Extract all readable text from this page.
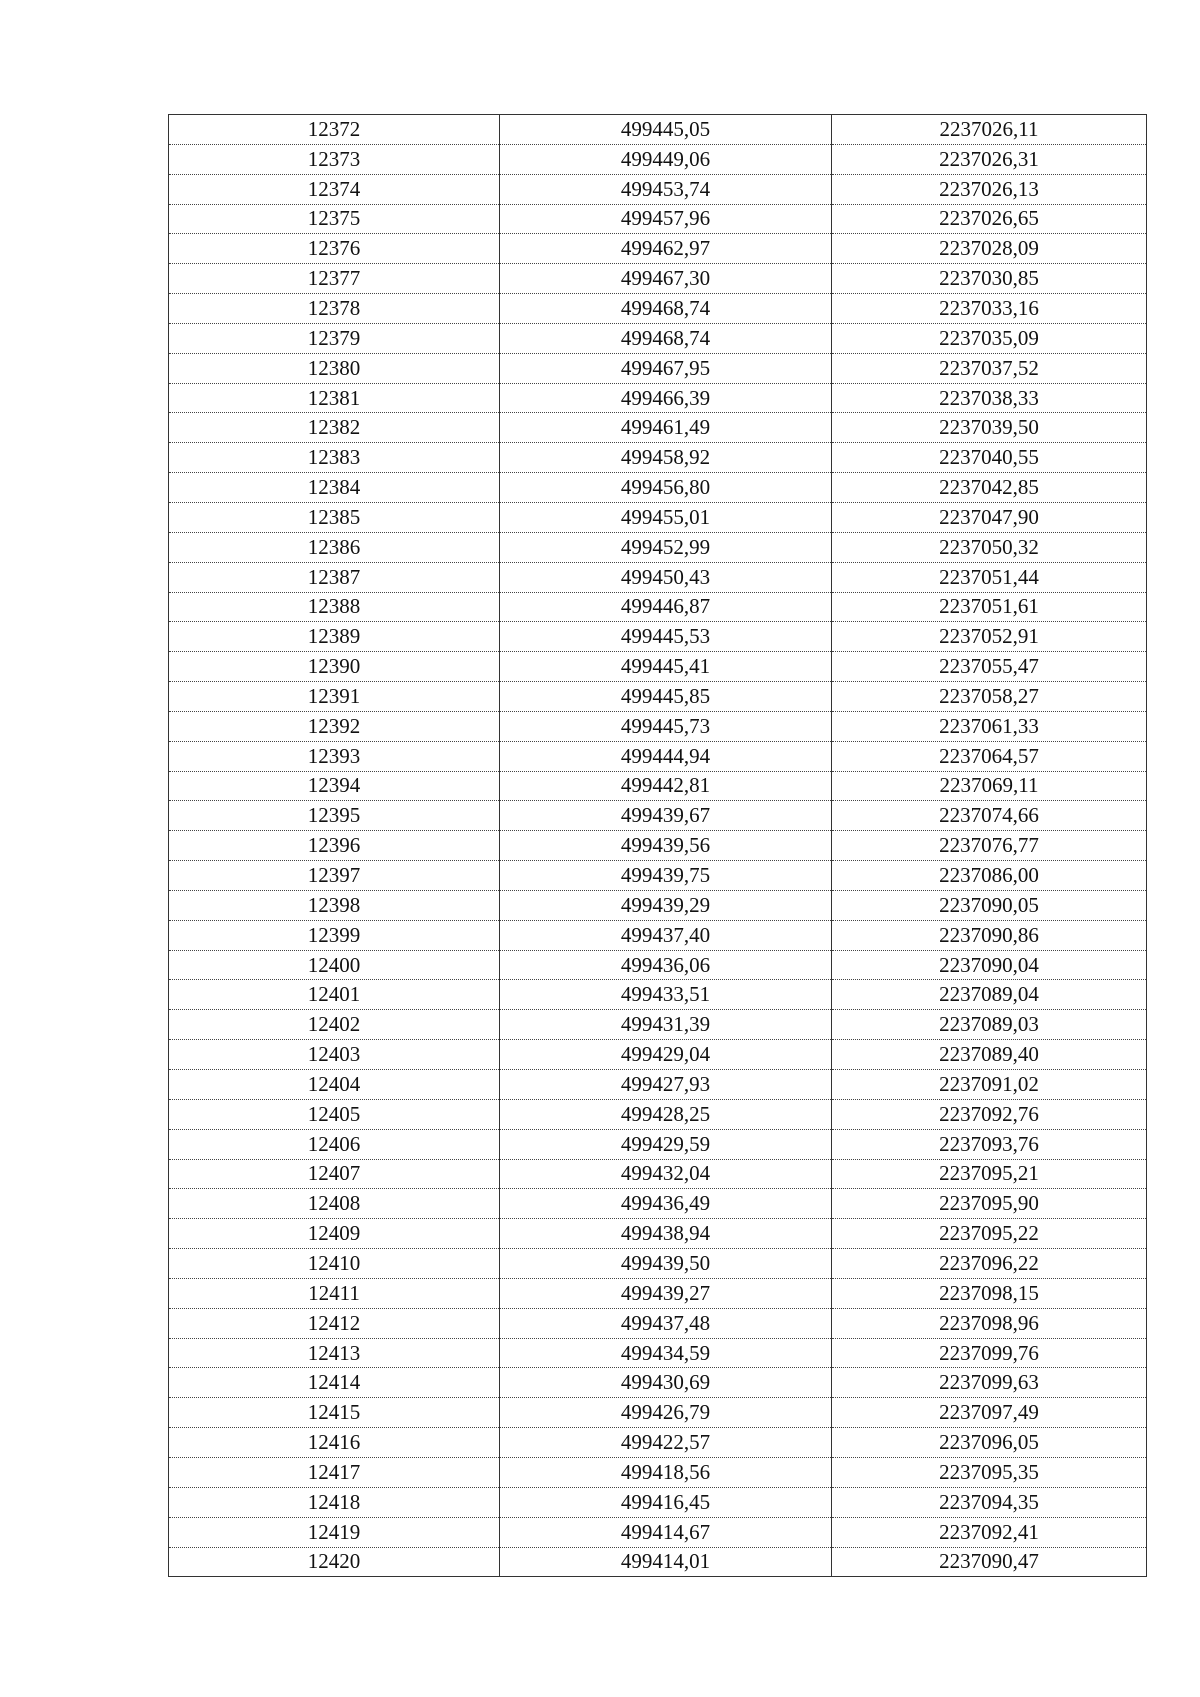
12372	499445,05	2237026,11
12373	499449,06	2237026,31
12374	499453,74	2237026,13
12375	499457,96	2237026,65
12376	499462,97	2237028,09
12377	499467,30	2237030,85
12378	499468,74	2237033,16
12379	499468,74	2237035,09
12380	499467,95	2237037,52
12381	499466,39	2237038,33
12382	499461,49	2237039,50
12383	499458,92	2237040,55
12384	499456,80	2237042,85
12385	499455,01	2237047,90
12386	499452,99	2237050,32
12387	499450,43	2237051,44
12388	499446,87	2237051,61
12389	499445,53	2237052,91
12390	499445,41	2237055,47
12391	499445,85	2237058,27
12392	499445,73	2237061,33
12393	499444,94	2237064,57
12394	499442,81	2237069,11
12395	499439,67	2237074,66
12396	499439,56	2237076,77
12397	499439,75	2237086,00
12398	499439,29	2237090,05
12399	499437,40	2237090,86
12400	499436,06	2237090,04
12401	499433,51	2237089,04
12402	499431,39	2237089,03
12403	499429,04	2237089,40
12404	499427,93	2237091,02
12405	499428,25	2237092,76
12406	499429,59	2237093,76
12407	499432,04	2237095,21
12408	499436,49	2237095,90
12409	499438,94	2237095,22
12410	499439,50	2237096,22
12411	499439,27	2237098,15
12412	499437,48	2237098,96
12413	499434,59	2237099,76
12414	499430,69	2237099,63
12415	499426,79	2237097,49
12416	499422,57	2237096,05
12417	499418,56	2237095,35
12418	499416,45	2237094,35
12419	499414,67	2237092,41
12420	499414,01	2237090,47
